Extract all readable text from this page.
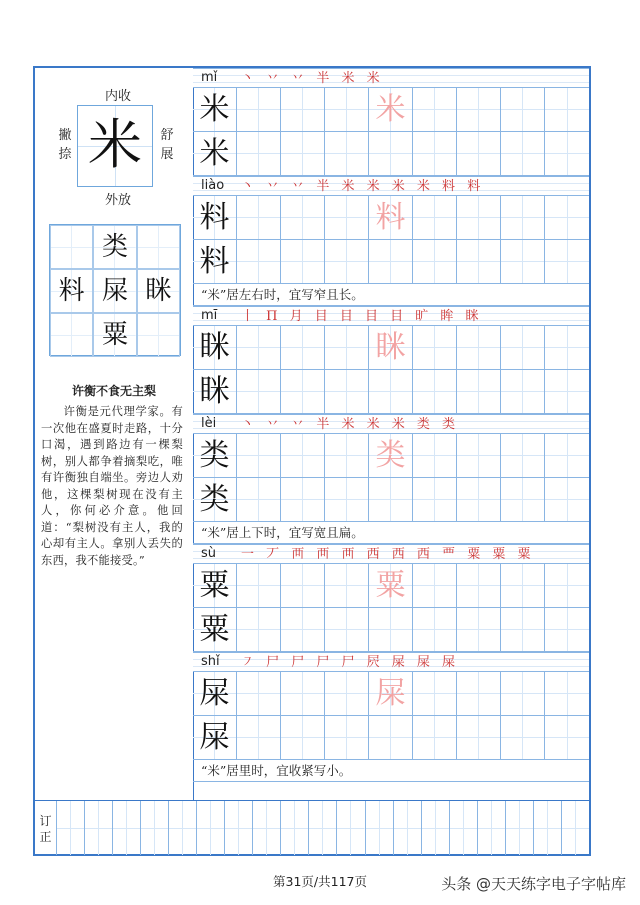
内收
撇
捺
舒
展
米
外放
类
料 屎 眯
粟
许衡不食无主梨

许衡是元代理学家。有一次他在盛夏时走路，十分口渴，遇到路边有一棵梨树，别人都争着摘梨吃，唯有许衡独自端坐。旁边人劝他，这棵梨树现在没有主人，你何必介意。他回道：“梨树没有主人，我的心却有主人。拿别人丢失的东西，我不能接受。”

mǐ 丶 丷 丷 半 米 米
米	米
米
liào 丶 丷 丷 半 米 米 米 米 料 料
料	料
料
“米”居左右时，宜写窄且长。
mī 丨 П 月 目 目 目 目 旷 眸 眯
眯	眯
眯
lèi 丶 丷 丷 半 米 米 米 类 类
类	类
类
“米”居上下时，宜写宽且扁。
sù 一 丆 襾 襾 襾 西 西 西 覀 粟 粟 粟
粟	粟
粟
shǐ ㇇ 尸 尸 尸 尸 屄 屎 屎 屎
屎	屎
屎
“米”居里时，宜收紧写小。
订
正
第31页/共117页	头条 @天天练字电子字帖库
